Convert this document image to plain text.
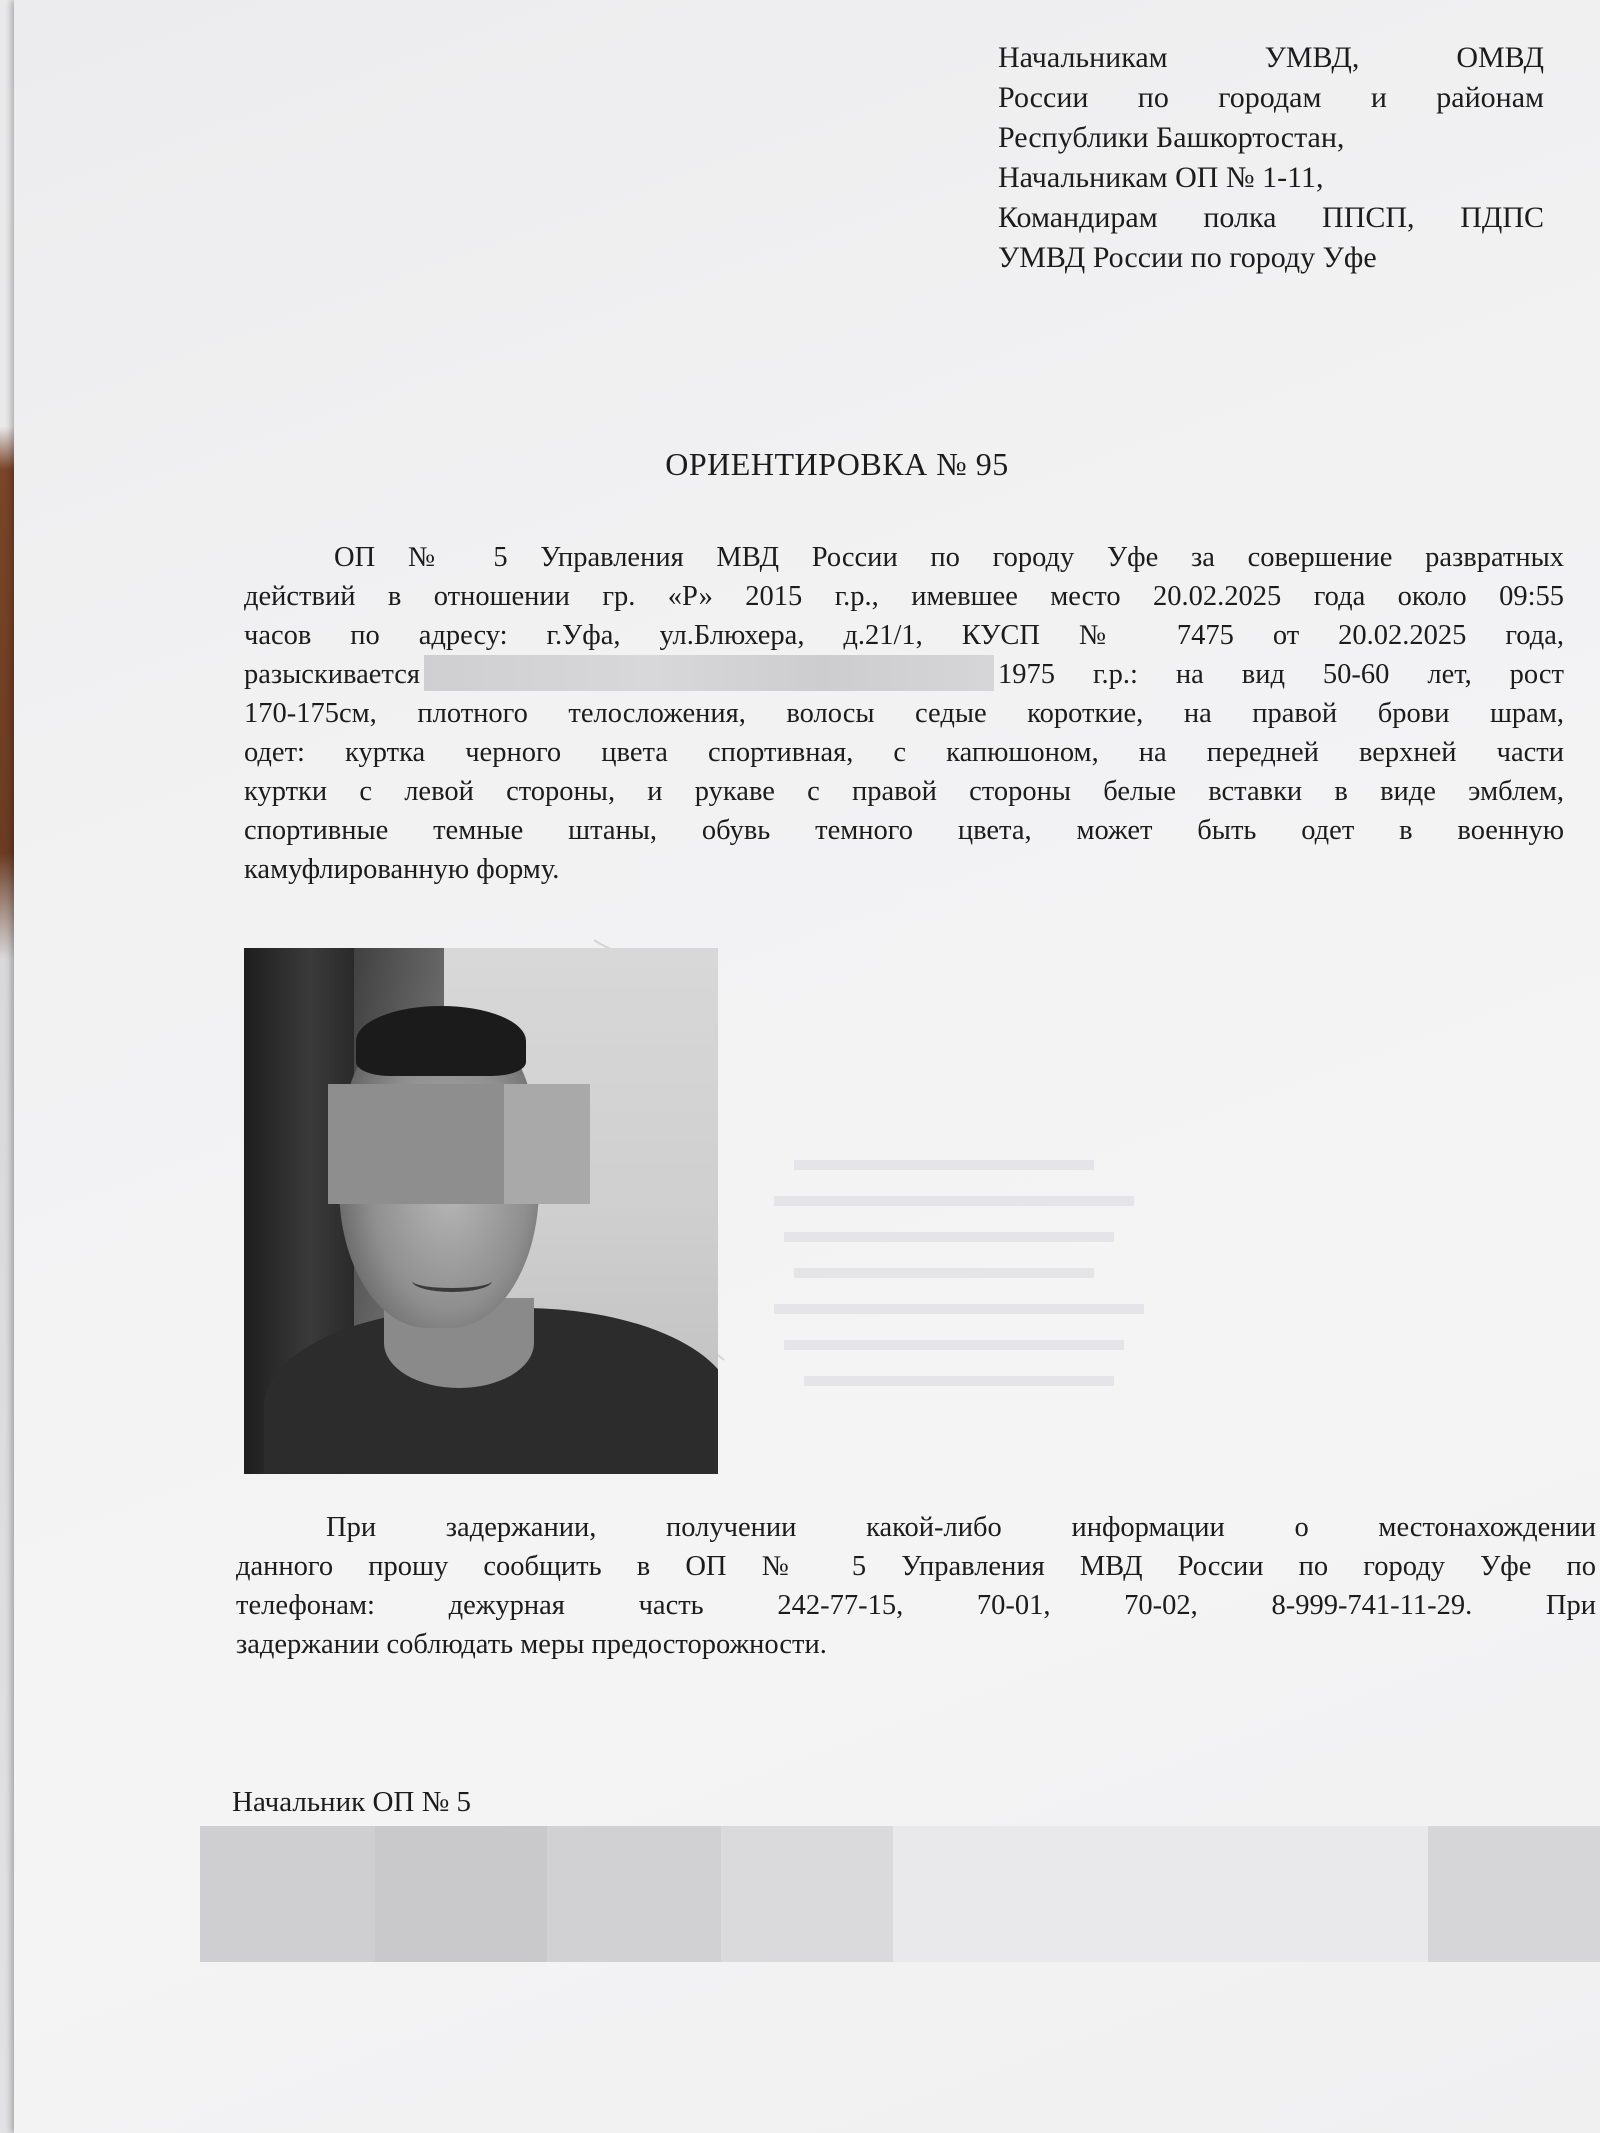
Начальникам УМВД, ОМВД
России по городам и районам
Республики Башкортостан,
Начальникам ОП № 1-11,
Командирам полка ППСП, ПДПС
УМВД России по городу Уфе
ОРИЕНТИРОВКА № 95
ОП № 5 Управления МВД России по городу Уфе за совершение развратных
действий в отношении гр. «Р» 2015 г.р., имевшее место 20.02.2025 года около 09:55
часов по адресу: г.Уфа, ул.Блюхера, д.21/1, КУСП № 7475 от 20.02.2025 года,
разыскивается	1975 г.р.: на вид 50-60 лет, рост
170-175см, плотного телосложения, волосы седые короткие, на правой брови шрам,
одет: куртка черного цвета спортивная, с капюшоном, на передней верхней части
куртки с левой стороны, и рукаве с правой стороны белые вставки в виде эмблем,
спортивные темные штаны, обувь темного цвета, может быть одет в военную
камуфлированную форму.
При задержании, получении какой-либо информации о местонахождении
данного прошу сообщить в ОП № 5 Управления МВД России по городу Уфе по
телефонам: дежурная часть 242-77-15, 70-01, 70-02, 8-999-741-11-29. При
задержании соблюдать меры предосторожности.
Начальник ОП № 5
